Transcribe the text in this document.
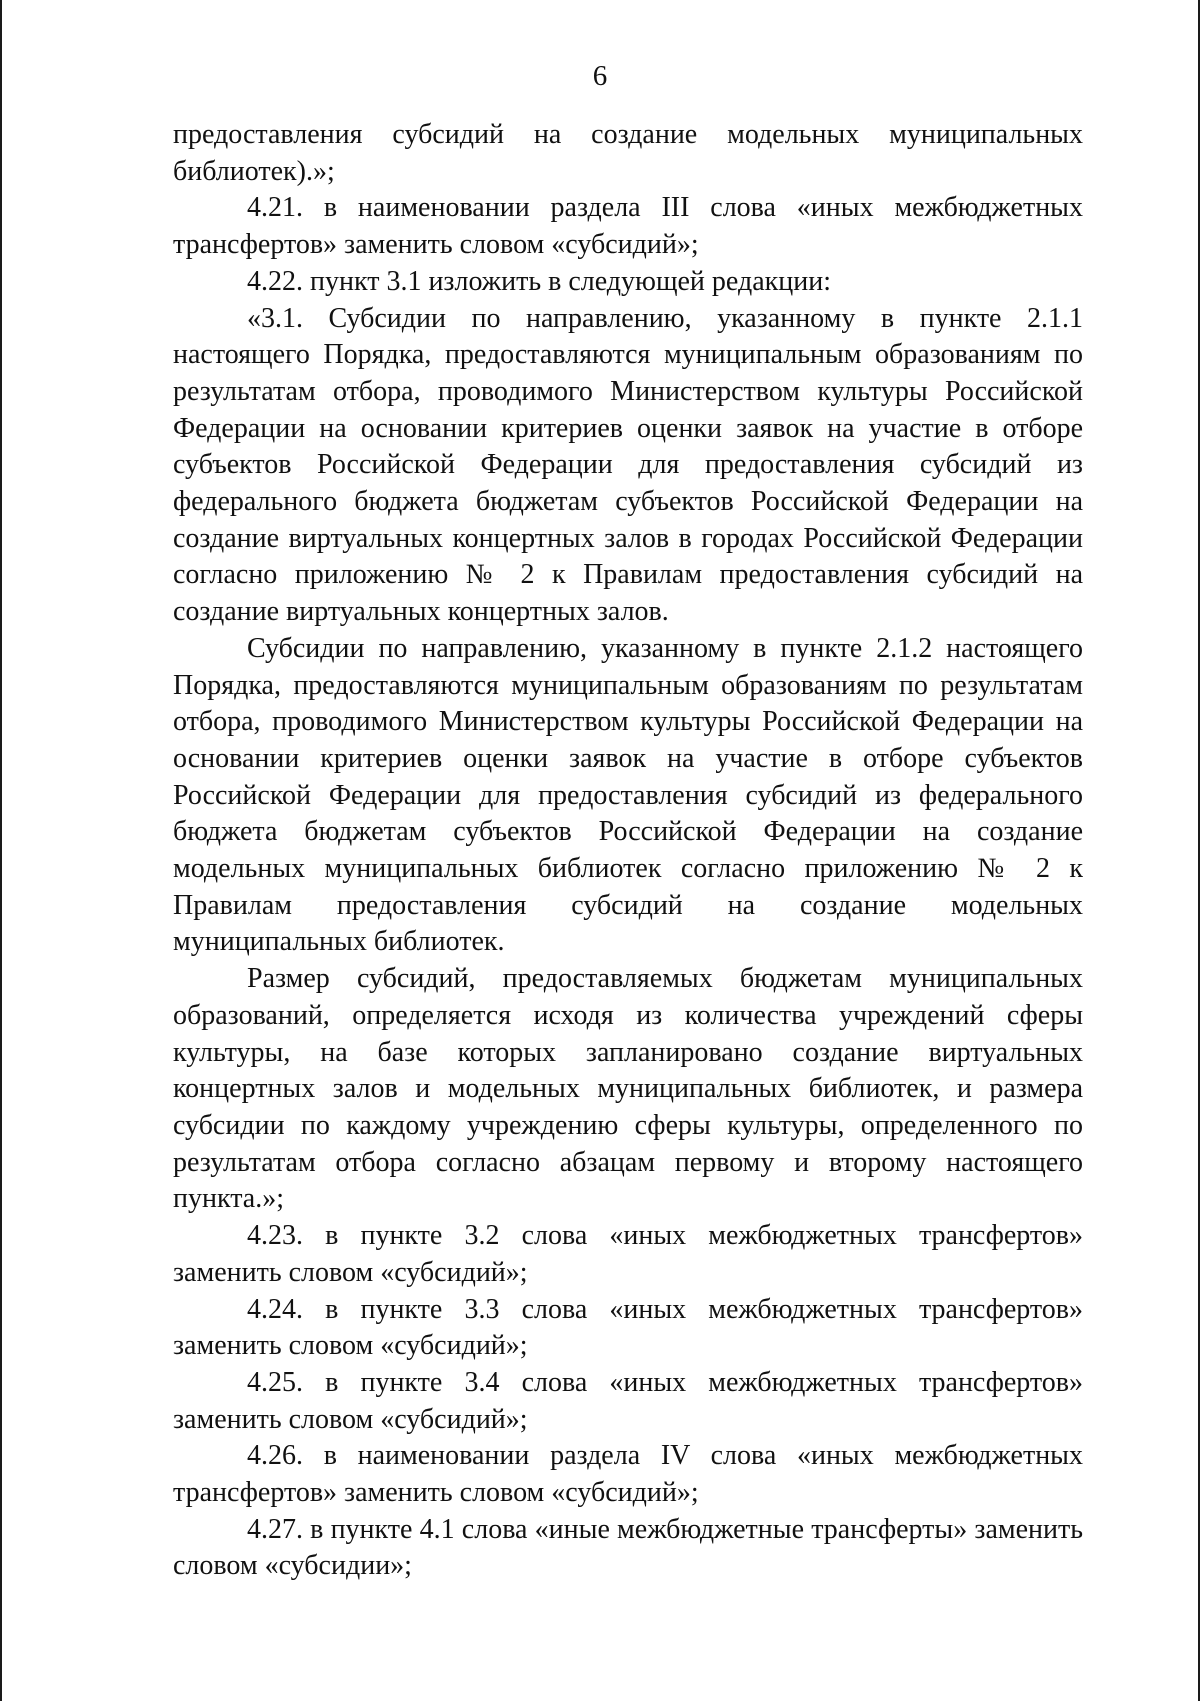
6

предоставления субсидий на создание модельных муниципальных библиотек).»;

4.21. в наименовании раздела III слова «иных межбюджетных трансфертов» заменить словом «субсидий»;

4.22. пункт 3.1 изложить в следующей редакции:

«3.1. Субсидии по направлению, указанному в пункте 2.1.1 настоящего Порядка, предоставляются муниципальным образованиям по результатам отбора, проводимого Министерством культуры Российской Федерации на основании критериев оценки заявок на участие в отборе субъектов Российской Федерации для предоставления субсидий из федерального бюджета бюджетам субъектов Российской Федерации на создание виртуальных концертных залов в городах Российской Федерации согласно приложению № 2 к Правилам предоставления субсидий на создание виртуальных концертных залов.

Субсидии по направлению, указанному в пункте 2.1.2 настоящего Порядка, предоставляются муниципальным образованиям по результатам отбора, проводимого Министерством культуры Российской Федерации на основании критериев оценки заявок на участие в отборе субъектов Российской Федерации для предоставления субсидий из федерального бюджета бюджетам субъектов Российской Федерации на создание модельных муниципальных библиотек согласно приложению № 2 к Правилам предоставления субсидий на создание модельных муниципальных библиотек.

Размер субсидий, предоставляемых бюджетам муниципальных образований, определяется исходя из количества учреждений сферы культуры, на базе которых запланировано создание виртуальных концертных залов и модельных муниципальных библиотек, и размера субсидии по каждому учреждению сферы культуры, определенного по результатам отбора согласно абзацам первому и второму настоящего пункта.»;

4.23. в пункте 3.2 слова «иных межбюджетных трансфертов» заменить словом «субсидий»;

4.24. в пункте 3.3 слова «иных межбюджетных трансфертов» заменить словом «субсидий»;

4.25. в пункте 3.4 слова «иных межбюджетных трансфертов» заменить словом «субсидий»;

4.26. в наименовании раздела IV слова «иных межбюджетных трансфертов» заменить словом «субсидий»;

4.27. в пункте 4.1 слова «иные межбюджетные трансферты» заменить словом «субсидии»;
